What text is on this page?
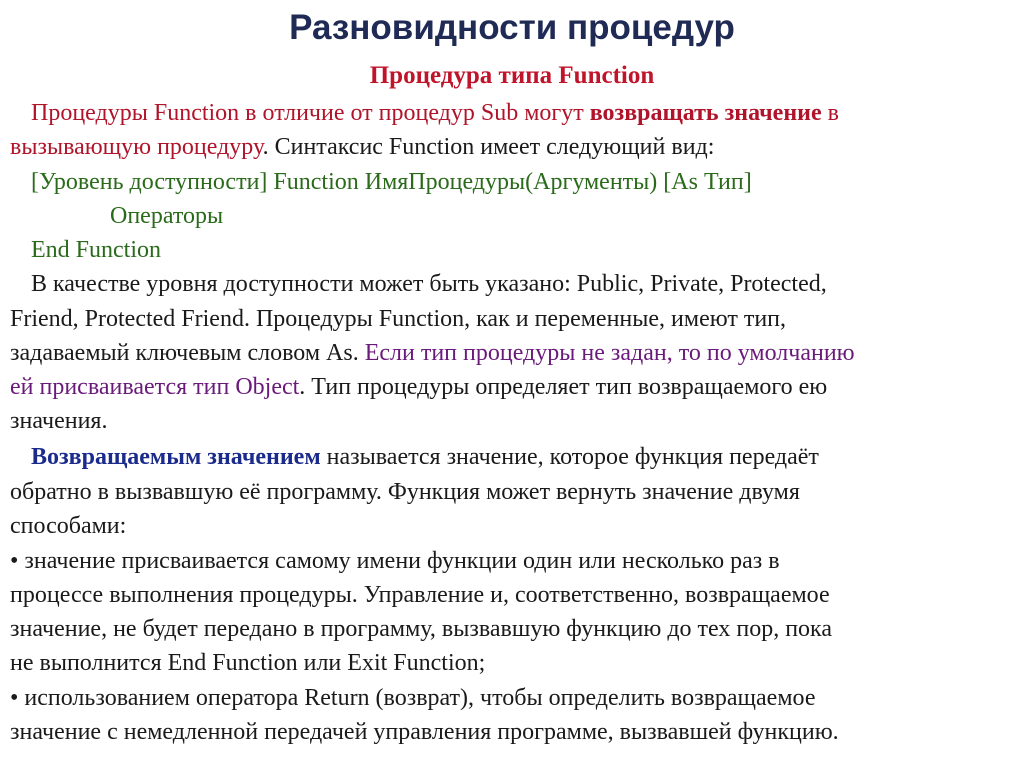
Разновидности процедур
Процедура типа Function
Процедуры Function в отличие от процедур Sub могут возвращать значение в
вызывающую процедуру. Синтаксис Function имеет следующий вид:
[Уровень доступности] Function ИмяПроцедуры(Аргументы) [As Тип]
Операторы
End Function
В качестве уровня доступности может быть указано: Public, Private, Protected,
Friend, Protected Friend. Процедуры Function, как и переменные, имеют тип,
задаваемый ключевым словом As. Если тип процедуры не задан, то по умолчанию
ей присваивается тип Object. Тип процедуры определяет тип возвращаемого ею
значения.
Возвращаемым значением называется значение, которое функция передаёт
обратно в вызвавшую её программу. Функция может вернуть значение двумя
способами:
• значение присваивается самому имени функции один или несколько раз в
процессе выполнения процедуры. Управление и, соответственно, возвращаемое
значение, не будет передано в программу, вызвавшую функцию до тех пор, пока
не выполнится End Function или Exit Function;
• использованием оператора Return (возврат), чтобы определить возвращаемое
значение с немедленной передачей управления программе, вызвавшей функцию.
